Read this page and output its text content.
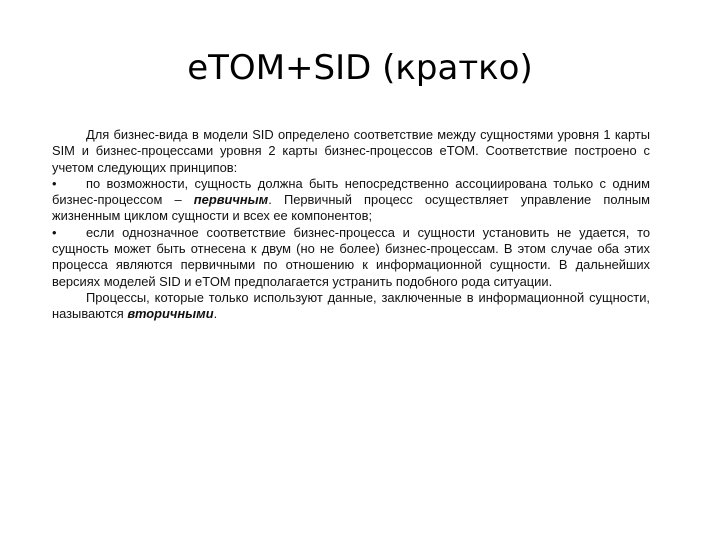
eTOM+SID (кратко)

Для бизнес-вида в модели SID определено соответствие между сущностями уровня 1 карты SIM и бизнес-процессами уровня 2 карты бизнес-процессов eTOM. Соответствие построено с учетом следующих принципов:

• по возможности, сущность должна быть непосредственно ассоциирована только с одним бизнес-процессом – первичным. Первичный процесс осуществляет управление полным жизненным циклом сущности и всех ее компонентов;

• если однозначное соответствие бизнес-процесса и сущности установить не удается, то сущность может быть отнесена к двум (но не более) бизнес-процессам. В этом случае оба этих процесса являются первичными по отношению к информационной сущности. В дальнейших версиях моделей SID и eTOM предполагается устранить подобного рода ситуации.

Процессы, которые только используют данные, заключенные в информационной сущности, называются вторичными.
